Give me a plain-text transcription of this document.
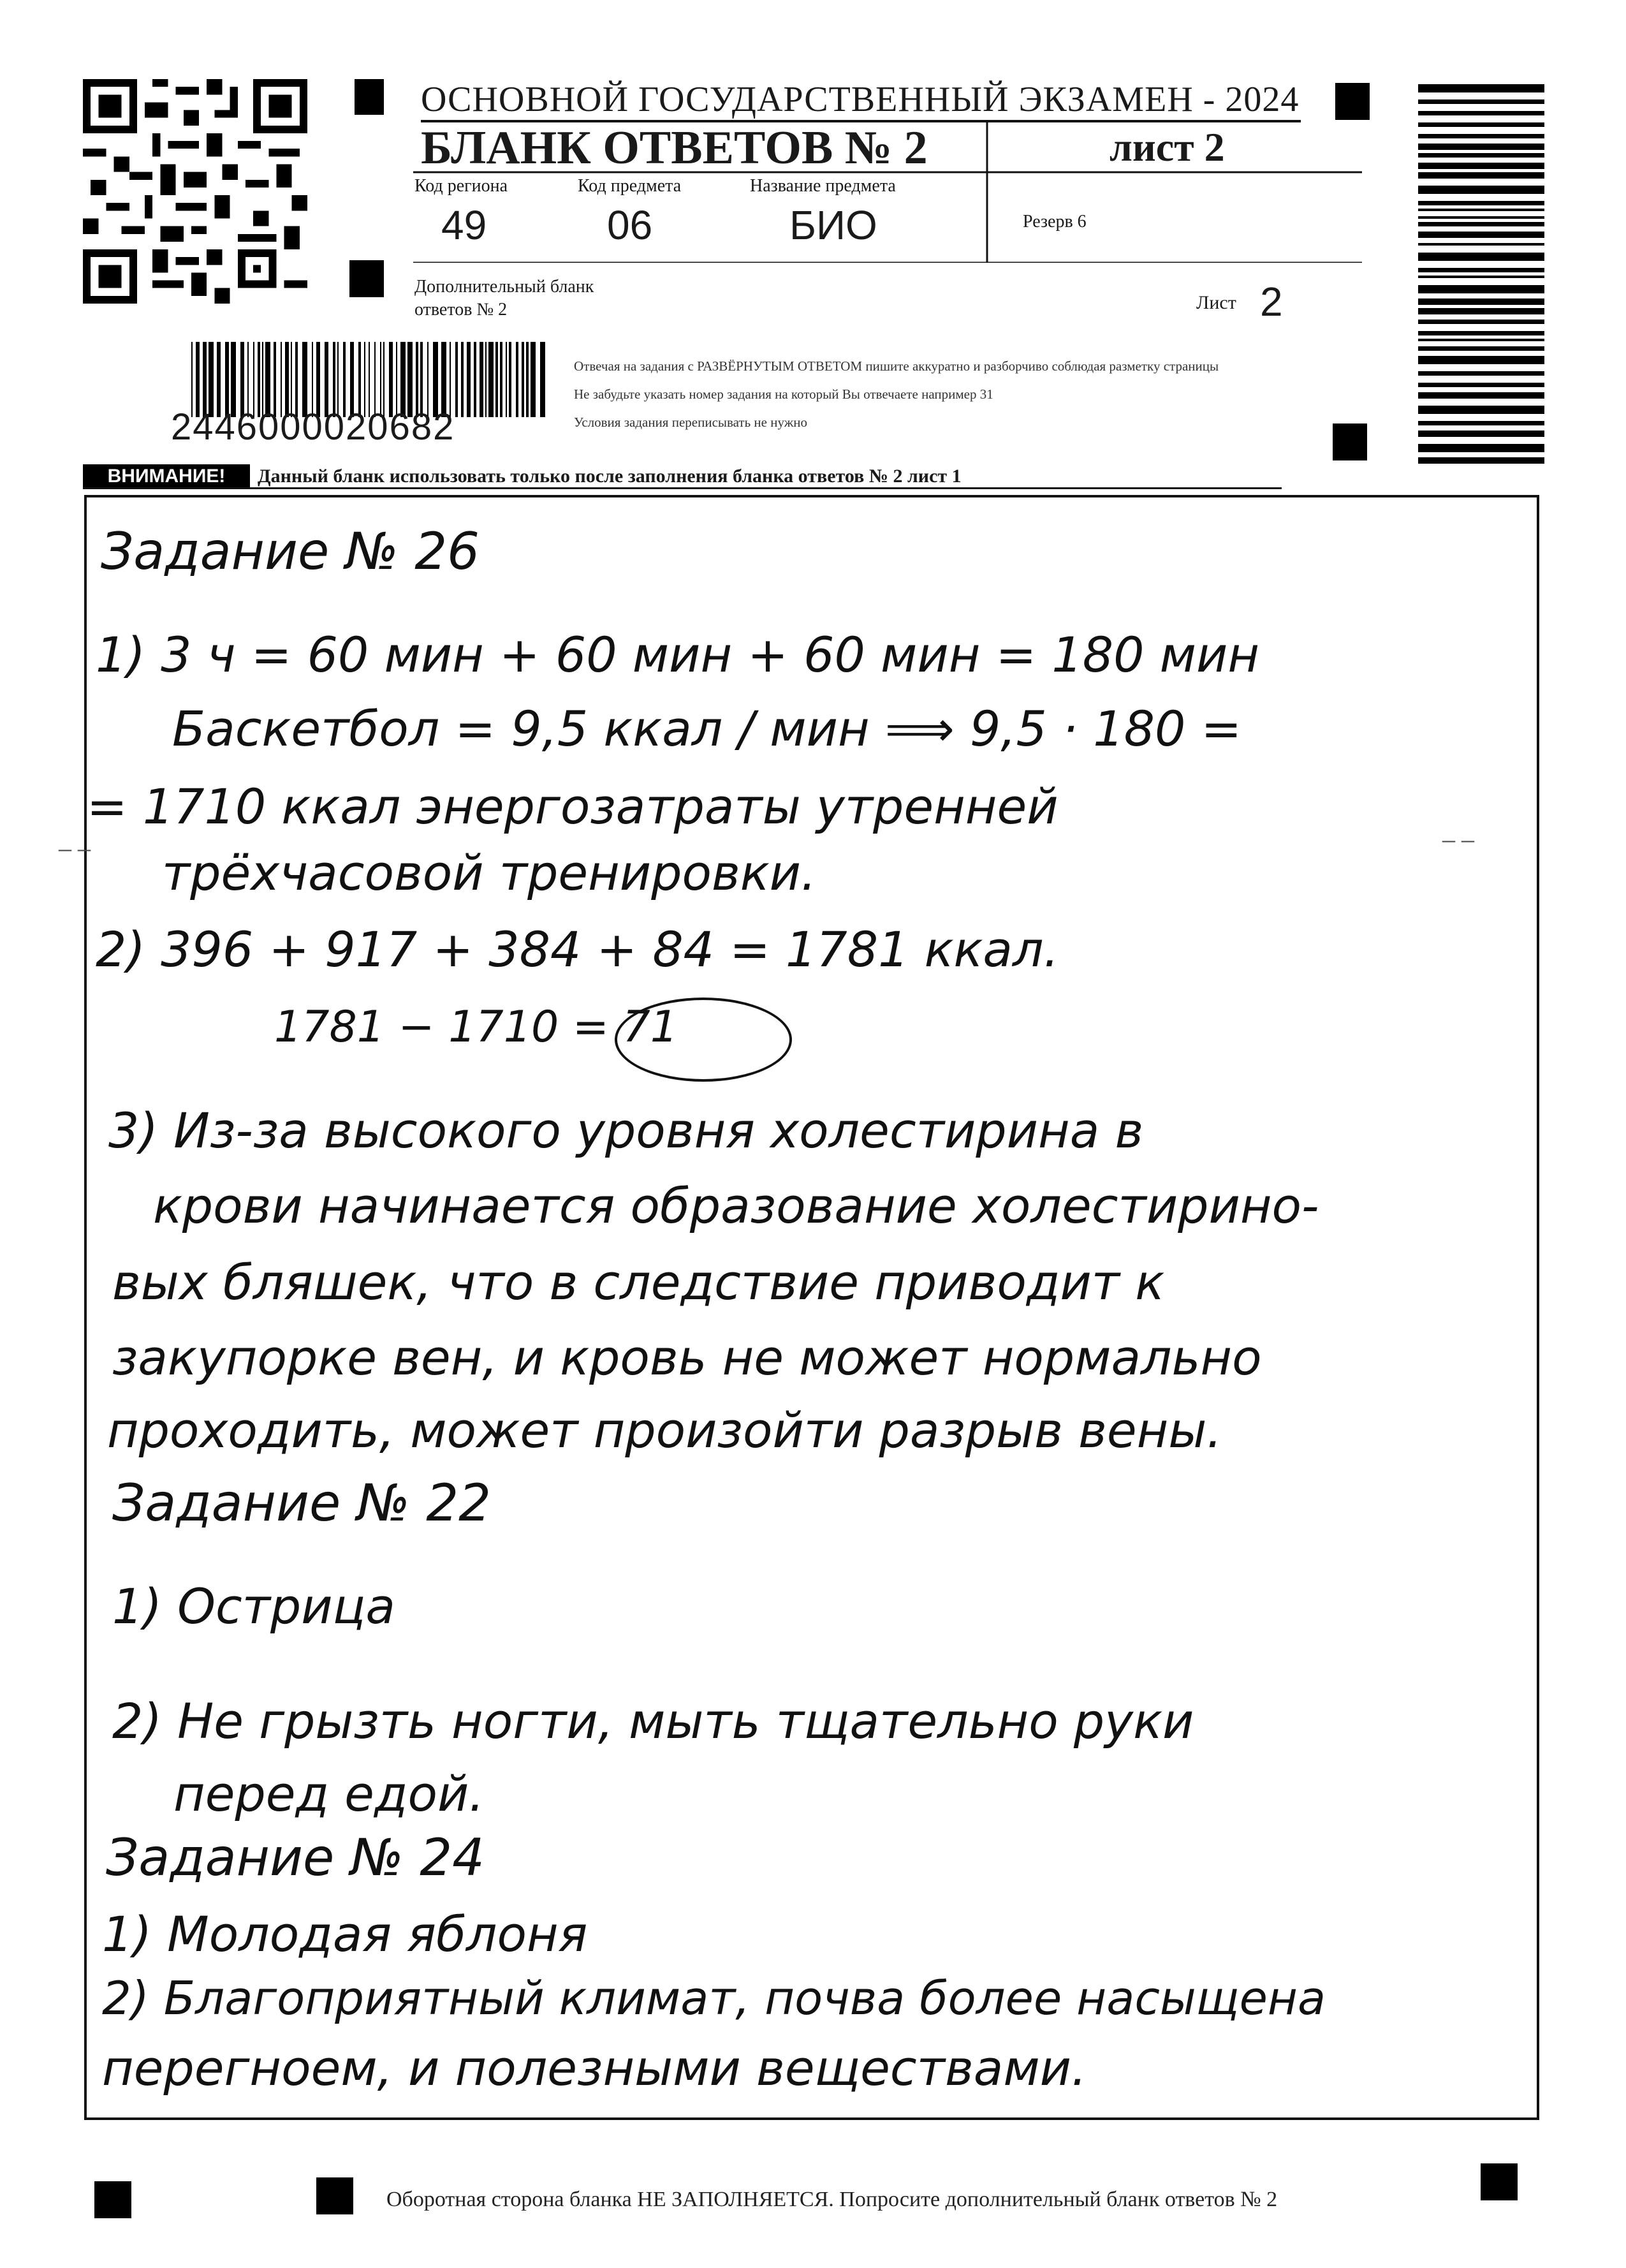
ОСНОВНОЙ ГОСУДАРСТВЕННЫЙ ЭКЗАМЕН - 2024
БЛАНК ОТВЕТОВ № 2	лист 2
Код региона
49
Код предмета
06
Название предмета
БИО	Резерв 6
Дополнительный бланк ответов № 2	Лист 2
Отвечая на задания с РАЗВЁРНУТЫМ ОТВЕТОМ пишите аккуратно и разборчиво соблюдая разметку страницы
Не забудьте указать номер задания на который Вы отвечаете например 31
Условия задания переписывать не нужно
2446000020682
ВНИМАНИЕ!	Данный бланк использовать только после заполнения бланка ответов № 2 лист 1
– –	– –
Задание № 26
1) 3 ч = 60 мин + 60 мин + 60 мин = 180 мин
Баскетбол = 9,5 ккал / мин ⟹ 9,5 · 180 =
= 1710 ккал энергозатраты утренней
трёхчасовой тренировки.
2) 396 + 917 + 384 + 84 = 1781 ккал.
1781 − 1710 = 71
3) Из-за высокого уровня холестирина в
крови начинается образование холестирино-
вых бляшек, что в следствие приводит к
закупорке вен, и кровь не может нормально
проходить, может произойти разрыв вены.
Задание № 22
1) Острица
2) Не грызть ногти, мыть тщательно руки
перед едой.
Задание № 24
1) Молодая яблоня
2) Благоприятный климат, почва более насыщена
перегноем, и полезными веществами.
Оборотная сторона бланка НЕ ЗАПОЛНЯЕТСЯ. Попросите дополнительный бланк ответов № 2
